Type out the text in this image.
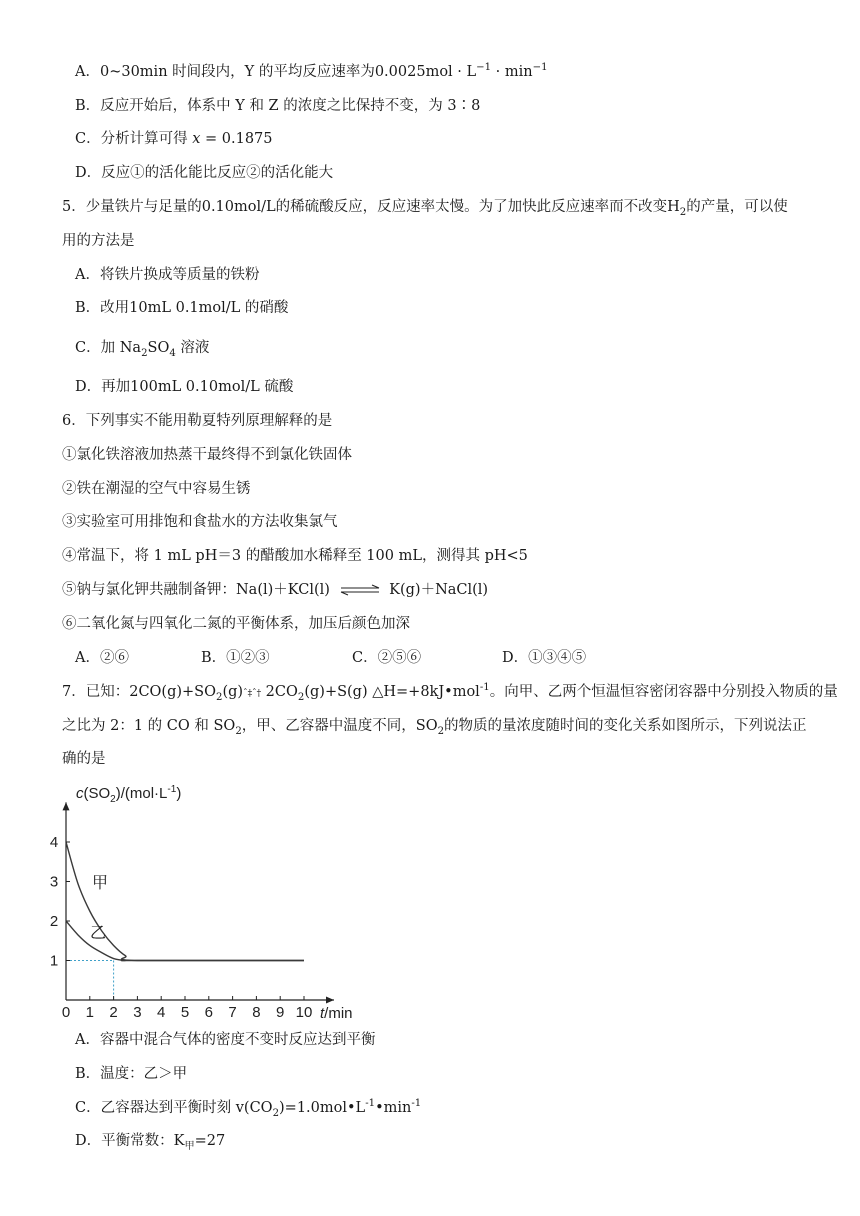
A．0~30min 时间段内，Y 的平均反应速率为$0.0025mol \cdot L^{-1} \cdot \min^{-1}$
B．反应开始后，体系中 Y 和 Z 的浓度之比保持不变，为 3∶8
C．分析计算可得 x = 0.1875
D．反应①的活化能比反应②的活化能大
5．少量铁片与足量的0.10mol/L的稀硫酸反应，反应速率太慢。为了加快此反应速率而不改变$H_2$的产量，可以使
用的方法是
A．将铁片换成等质量的铁粉
B．改用10mL 0.1mol/L 的硝酸
C．加 $Na_2SO_4$ 溶液
D．再加100mL 0.10mol/L 硫酸
6．下列事实不能用勒夏特列原理解释的是
①氯化铁溶液加热蒸干最终得不到氯化铁固体
②铁在潮湿的空气中容易生锈
③实验室可用排饱和食盐水的方法收集氯气
④常温下，将 1 mL pH＝3 的醋酸加水稀释至 100 mL，测得其 pH<5
⑤钠与氯化钾共融制备钾：Na(l)＋KCl(l) ⇌ K(g)＋NaCl(l)
⑥二氧化氮与四氧化二氮的平衡体系，加压后颜色加深
A．②⑥	B．①②③	C．②⑤⑥	D．①③④⑤
7．已知：$2CO(g)+SO_2(g)ˆ\ddagger ˆ\dagger$ $2CO_2(g)+S(g)$ △H=+8kJ•mol$^{-1}$。向甲、乙两个恒温恒容密闭容器中分别投入物质的量
之比为 2：1 的 CO 和 $SO_2$，甲、乙容器中温度不同，$SO_2$的物质的量浓度随时间的变化关系如图所示，下列说法正
确的是
0 1 2 3 4 5 6 7 8 9 10
1
2
3
4
$c(SO_2)/(mol\cdot L^{-1})$
t/min
甲
乙
A．容器中混合气体的密度不变时反应达到平衡
B．温度：乙＞甲
C．乙容器达到平衡时刻 $v(CO_2)=1.0mol•L^{-1}•\min^{-1}$
D．平衡常数：$K_甲=27$
